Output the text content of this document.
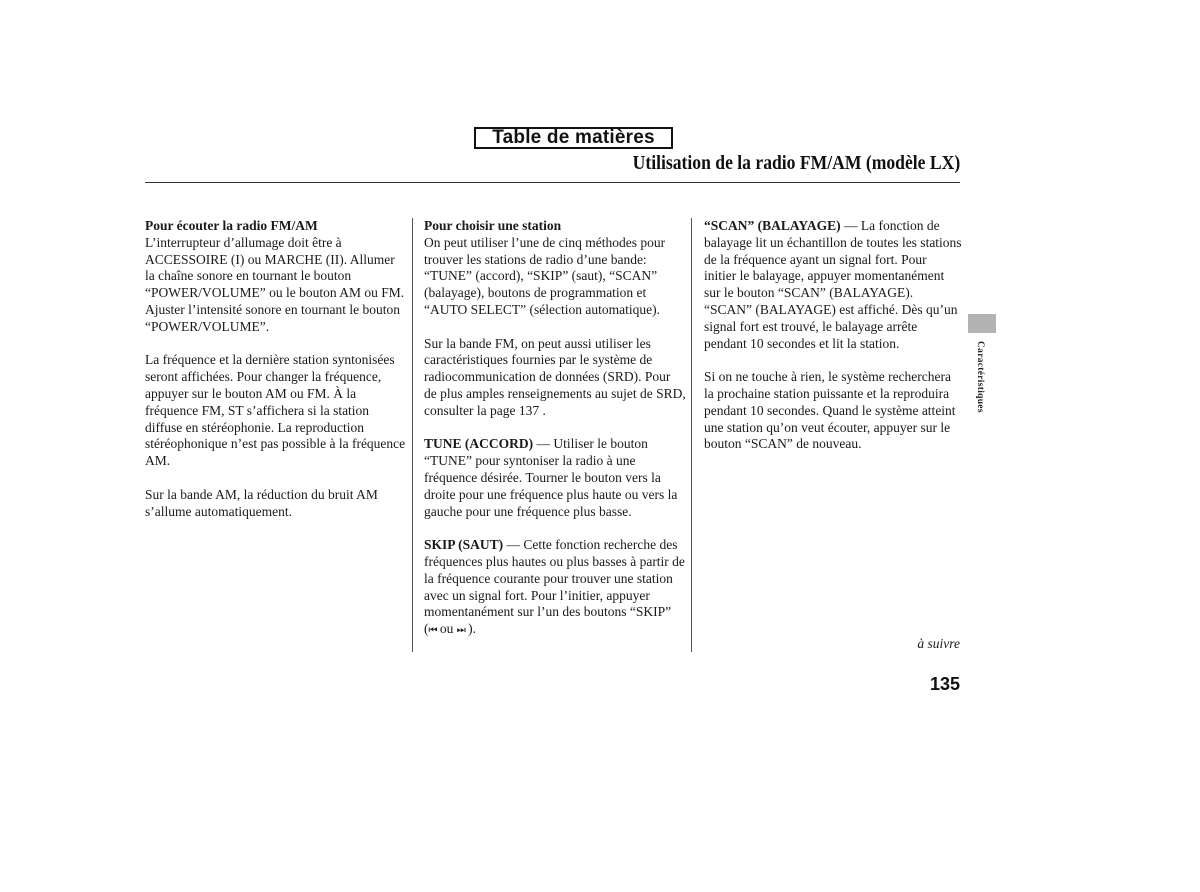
Table de matières
Utilisation de la radio FM/AM (modèle LX)
Pour écouter la radio FM/AM

L’interrupteur d’allumage doit être à ACCESSOIRE (I) ou MARCHE (II). Allumer la chaîne sonore en tournant le bouton “POWER/VOLUME” ou le bouton AM ou FM. Ajuster l’intensité sonore en tournant le bouton “POWER/VOLUME”.

La fréquence et la dernière station syntonisées seront affichées. Pour changer la fréquence, appuyer sur le bouton AM ou FM. À la fréquence FM, ST s’affichera si la station diffuse en stéréophonie. La reproduction stéréophonique n’est pas possible à la fréquence AM.

Sur la bande AM, la réduction du bruit AM s’allume automatiquement.

Pour choisir une station

On peut utiliser l’une de cinq méthodes pour trouver les stations de radio d’une bande: “TUNE” (accord), “SKIP” (saut), “SCAN” (balayage), boutons de programmation et “AUTO SELECT” (sélection automatique).

Sur la bande FM, on peut aussi utiliser les caractéristiques fournies par le système de radiocommunication de données (SRD). Pour de plus amples renseignements au sujet de SRD, consulter la page 137 .

TUNE (ACCORD) — Utiliser le bouton “TUNE” pour syntoniser la radio à une fréquence désirée. Tourner le bouton vers la droite pour une fréquence plus haute ou vers la gauche pour une fréquence plus basse.

SKIP (SAUT) — Cette fonction recherche des fréquences plus hautes ou plus basses à partir de la fréquence courante pour trouver une station avec un signal fort. Pour l’initier, appuyer momentanément sur l’un des boutons “SKIP” (⏮ ou ⏭ ).

“SCAN” (BALAYAGE) — La fonction de balayage lit un échantillon de toutes les stations de la fréquence ayant un signal fort. Pour initier le balayage, appuyer momentanément sur le bouton “SCAN” (BALAYAGE). “SCAN” (BALAYAGE) est affiché. Dès qu’un signal fort est trouvé, le balayage arrête pendant 10 secondes et lit la station.

Si on ne touche à rien, le système recherchera la prochaine station puissante et la reproduira pendant 10 secondes. Quand le système atteint une station qu’on veut écouter, appuyer sur le bouton “SCAN” de nouveau.

Caractéristiques
à suivre
135
